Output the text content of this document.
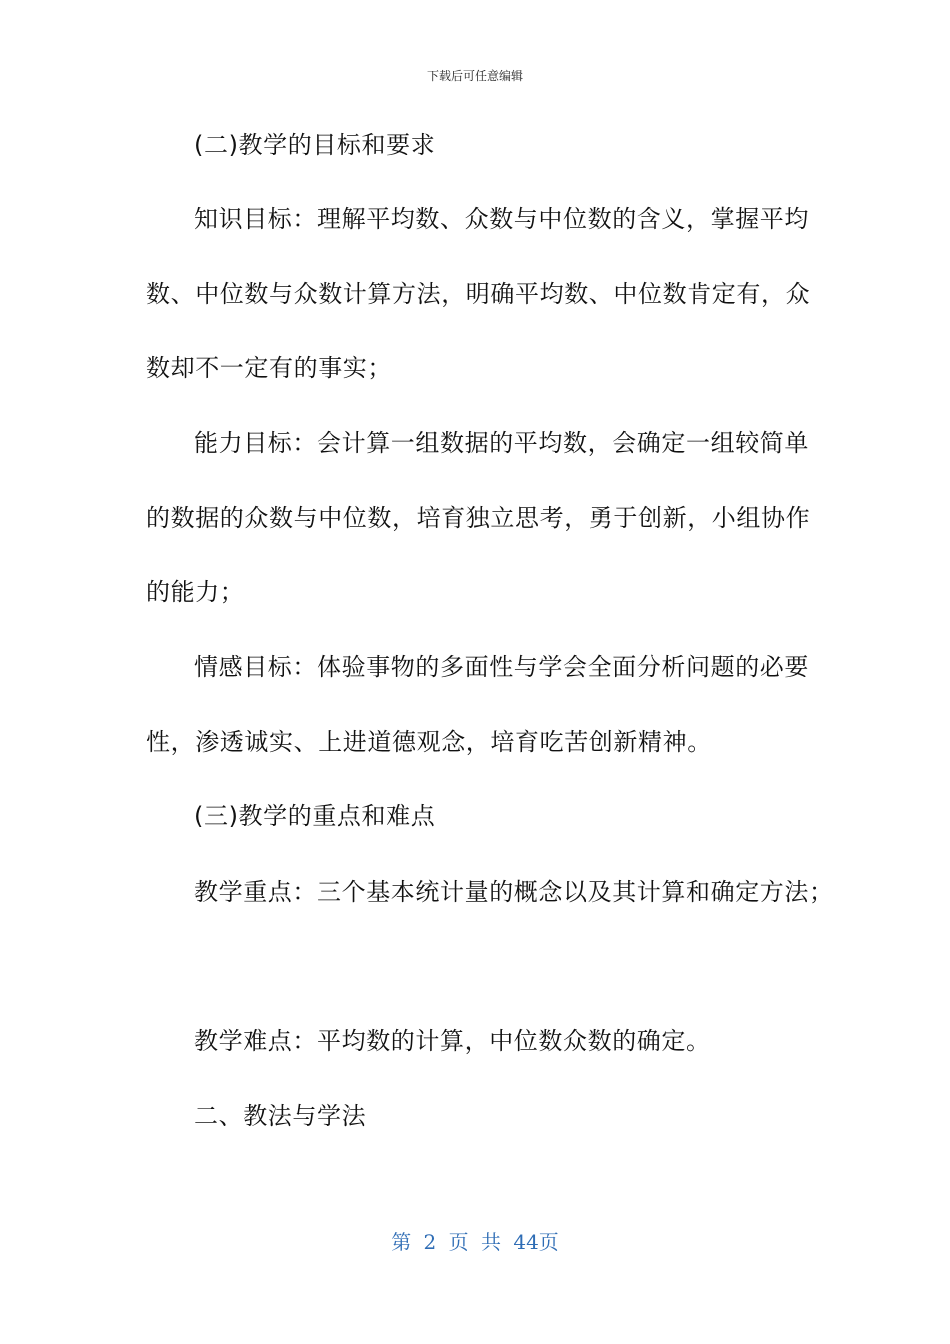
下载后可任意编辑
(二)教学的目标和要求
知识目标：理解平均数、众数与中位数的含义，掌握平均
数、中位数与众数计算方法，明确平均数、中位数肯定有，众
数却不一定有的事实；
能力目标：会计算一组数据的平均数，会确定一组较简单
的数据的众数与中位数，培育独立思考，勇于创新，小组协作
的能力；
情感目标：体验事物的多面性与学会全面分析问题的必要
性，渗透诚实、上进道德观念，培育吃苦创新精神。
(三)教学的重点和难点
教学重点：三个基本统计量的概念以及其计算和确定方法；
教学难点：平均数的计算，中位数众数的确定。
二、教法与学法
第 2 页 共 44页
